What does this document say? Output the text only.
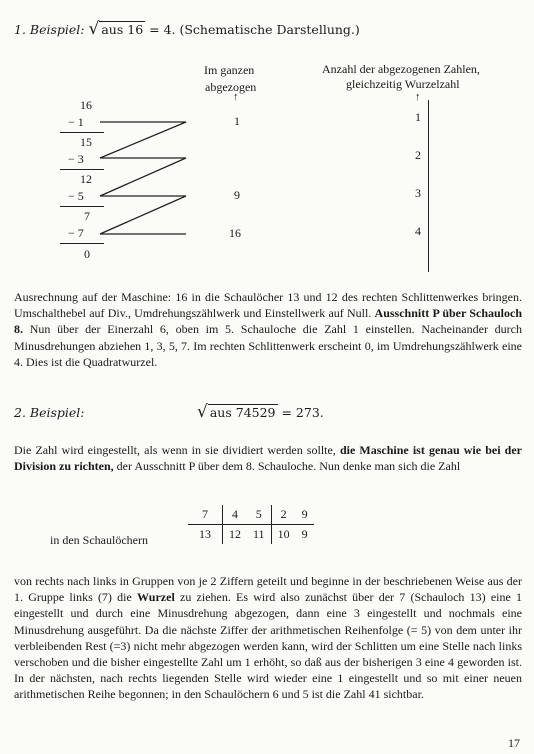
1. Beispiel: √ aus 16 = 4. (Schematische Darstellung.)
Im ganzen
abgezogen
Anzahl der abgezogenen Zahlen,
gleichzeitig Wurzelzahl
↑	↑
16
− 1
15
− 3
12
− 5
7
− 7
0
1
9
16
1
2
3
4
Ausrechnung auf der Maschine: 16 in die Schaulöcher 13 und 12 des rechten Schlittenwerkes bringen. Umschalthebel auf Div., Umdrehungszählwerk und Einstellwerk auf Null. Ausschnitt P über Schauloch 8. Nun über der Einerzahl 6, oben im 5. Schauloche die Zahl 1 einstellen. Nacheinander durch Minusdrehungen abziehen 1, 3, 5, 7. Im rechten Schlittenwerk erscheint 0, im Umdrehungszählwerk eine 4. Dies ist die Quadratwurzel.
2. Beispiel:	√ aus 74529 = 273.
Die Zahl wird eingestellt, als wenn in sie dividiert werden sollte, die Maschine ist genau wie bei der Division zu richten, der Ausschnitt P über dem 8. Schauloche. Nun denke man sich die Zahl
in den Schaulöchern
7	4	5	2	9
13	12	11	10	9
von rechts nach links in Gruppen von je 2 Ziffern geteilt und beginne in der beschriebenen Weise aus der 1. Gruppe links (7) die Wurzel zu ziehen. Es wird also zunächst über der 7 (Schauloch 13) eine 1 eingestellt und durch eine Minusdrehung abgezogen, dann eine 3 eingestellt und nochmals eine Minusdrehung ausgeführt. Da die nächste Ziffer der arithmetischen Reihenfolge (= 5) von dem unter ihr verbleibenden Rest (=3) nicht mehr abgezogen werden kann, wird der Schlitten um eine Stelle nach links verschoben und die bisher eingestellte Zahl um 1 erhöht, so daß aus der bisherigen 3 eine 4 geworden ist. In der nächsten, nach rechts liegenden Stelle wird wieder eine 1 eingestellt und so mit einer neuen arithmetischen Reihe begonnen; in den Schaulöchern 6 und 5 ist die Zahl 41 sichtbar.
17
